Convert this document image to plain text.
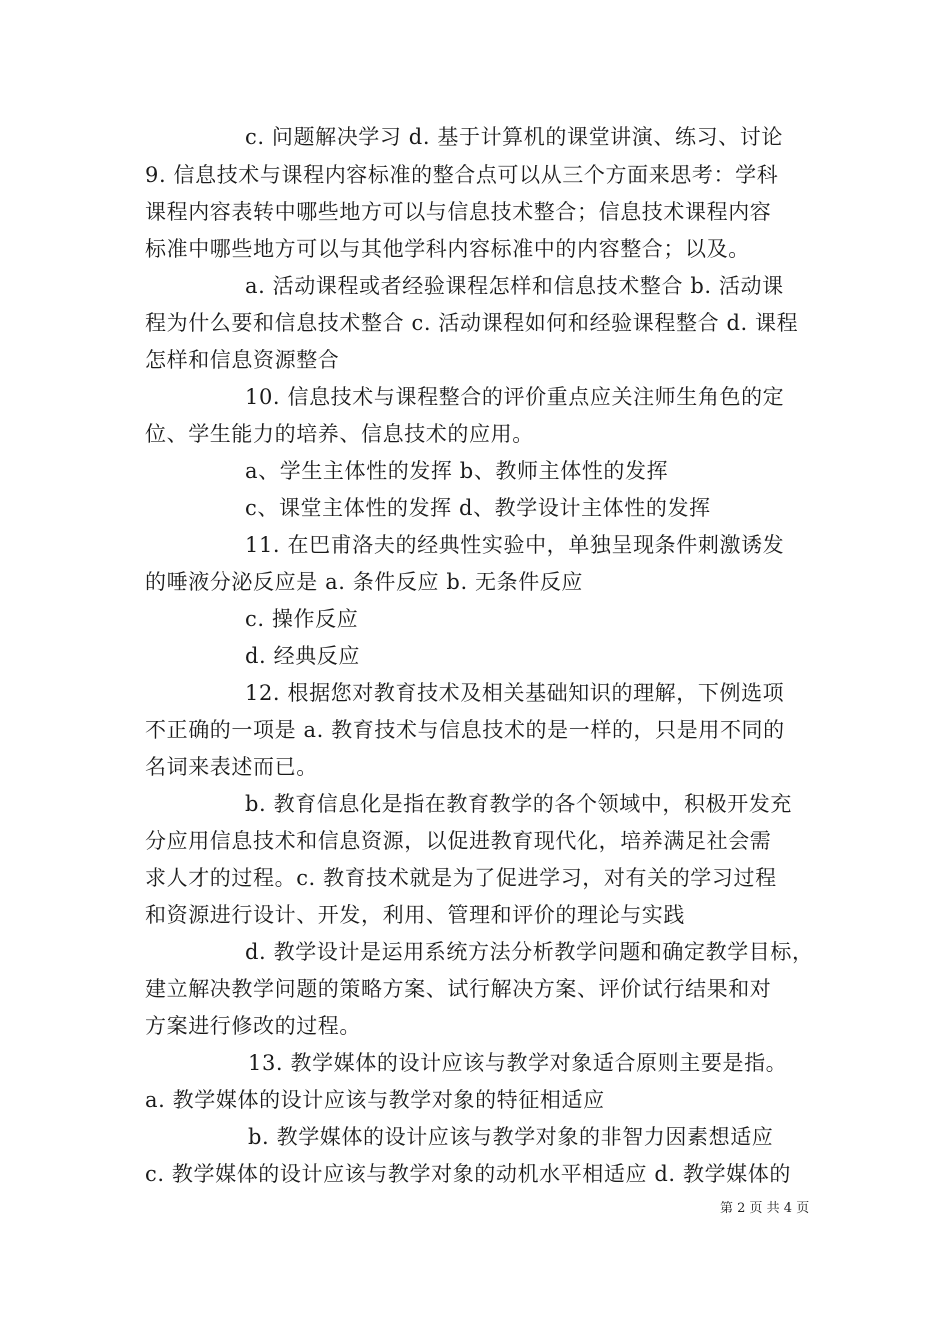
c. 问题解决学习 d. 基于计算机的课堂讲演、练习、讨论
9. 信息技术与课程内容标准的整合点可以从三个方面来思考：学科
课程内容表转中哪些地方可以与信息技术整合；信息技术课程内容
标准中哪些地方可以与其他学科内容标准中的内容整合；以及。
a. 活动课程或者经验课程怎样和信息技术整合 b. 活动课
程为什么要和信息技术整合 c. 活动课程如何和经验课程整合 d. 课程
怎样和信息资源整合
10. 信息技术与课程整合的评价重点应关注师生角色的定
位、学生能力的培养、信息技术的应用。
a、学生主体性的发挥 b、教师主体性的发挥
c、课堂主体性的发挥 d、教学设计主体性的发挥
11. 在巴甫洛夫的经典性实验中，单独呈现条件刺激诱发
的唾液分泌反应是 a. 条件反应 b. 无条件反应
c. 操作反应
d. 经典反应
12. 根据您对教育技术及相关基础知识的理解，下例选项
不正确的一项是 a. 教育技术与信息技术的是一样的，只是用不同的
名词来表述而已。
b. 教育信息化是指在教育教学的各个领域中，积极开发充
分应用信息技术和信息资源，以促进教育现代化，培养满足社会需
求人才的过程。c. 教育技术就是为了促进学习，对有关的学习过程
和资源进行设计、开发，利用、管理和评价的理论与实践
d. 教学设计是运用系统方法分析教学问题和确定教学目标，
建立解决教学问题的策略方案、试行解决方案、评价试行结果和对
方案进行修改的过程。
13. 教学媒体的设计应该与教学对象适合原则主要是指。
a. 教学媒体的设计应该与教学对象的特征相适应
b. 教学媒体的设计应该与教学对象的非智力因素想适应
c. 教学媒体的设计应该与教学对象的动机水平相适应 d. 教学媒体的
第 2 页 共 4 页
